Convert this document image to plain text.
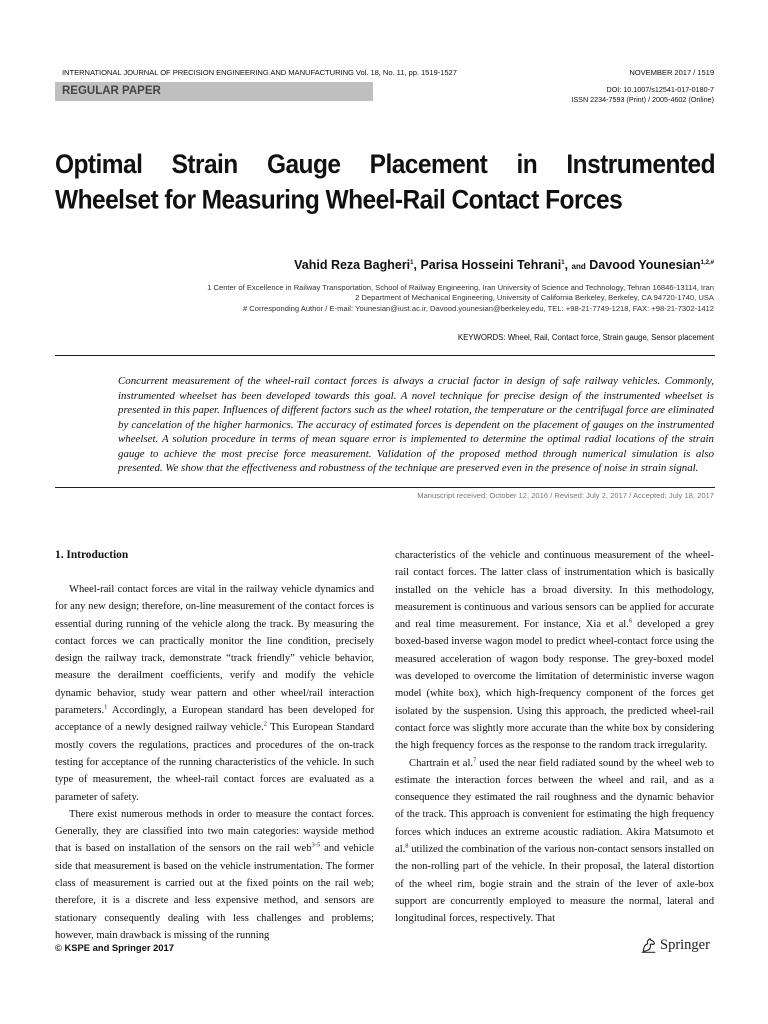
INTERNATIONAL JOURNAL OF PRECISION ENGINEERING AND MANUFACTURING Vol. 18, No. 11, pp. 1519-1527	NOVEMBER 2017 / 1519
REGULAR PAPER	DOI: 10.1007/s12541-017-0180-7
ISSN 2234-7593 (Print) / 2005-4602 (Online)
Optimal Strain Gauge Placement in Instrumented
Wheelset for Measuring Wheel-Rail Contact Forces
Vahid Reza Bagheri$^1$, Parisa Hosseini Tehrani$^1$, and Davood Younesian$^{1,2,\#}$
1 Center of Excellence in Railway Transportation, School of Railway Engineering, Iran University of Science and Technology, Tehran 16846-13114, Iran
2 Department of Mechanical Engineering, University of California Berkeley, Berkeley, CA 94720-1740, USA
# Corresponding Author / E-mail: Younesian@iust.ac.ir, Davood.younesian@berkeley.edu, TEL: +98-21-7749-1218, FAX: +98-21-7302-1412
KEYWORDS: Wheel, Rail, Contact force, Strain gauge, Sensor placement
Concurrent measurement of the wheel-rail contact forces is always a crucial factor in design of safe railway vehicles. Commonly, instrumented wheelset has been developed towards this goal. A novel technique for precise design of the instrumented wheelset is presented in this paper. Influences of different factors such as the wheel rotation, the temperature or the centrifugal force are eliminated by cancelation of the higher harmonics. The accuracy of estimated forces is dependent on the placement of gauges on the instrumented wheelset. A solution procedure in terms of mean square error is implemented to determine the optimal radial locations of the strain gauge to achieve the most precise force measurement. Validation of the proposed method through numerical simulation is also presented. We show that the effectiveness and robustness of the technique are preserved even in the presence of noise in strain signal.
Manuscript received: October 12, 2016 / Revised: July 2, 2017 / Accepted: July 18, 2017
1. Introduction

Wheel-rail contact forces are vital in the railway vehicle dynamics and for any new design; therefore, on-line measurement of the contact forces is essential during running of the vehicle along the track. By measuring the contact forces we can practically monitor the line condition, precisely design the railway track, demonstrate “track friendly” vehicle behavior, measure the derailment coefficients, verify and modify the vehicle dynamic behavior, study wear pattern and other wheel/rail interaction parameters.$^1$ Accordingly, a European standard has been developed for acceptance of a newly designed railway vehicle.$^2$ This European Standard mostly covers the regulations, practices and procedures of the on-track testing for acceptance of the running characteristics of the vehicle. In such type of measurement, the wheel-rail contact forces are evaluated as a parameter of safety.

There exist numerous methods in order to measure the contact forces. Generally, they are classified into two main categories: wayside method that is based on installation of the sensors on the rail web$^{3-5}$ and vehicle side that measurement is based on the vehicle instrumentation. The former class of measurement is carried out at the fixed points on the rail web; therefore, it is a discrete and less expensive method, and sensors are stationary consequently dealing with less challenges and problems; however, main drawback is missing of the running

characteristics of the vehicle and continuous measurement of the wheel-rail contact forces. The latter class of instrumentation which is basically installed on the vehicle has a broad diversity. In this methodology, measurement is continuous and various sensors can be applied for accurate and real time measurement. For instance, Xia et al.$^6$ developed a grey boxed-based inverse wagon model to predict wheel-contact force using the measured acceleration of wagon body response. The grey-boxed model was developed to overcome the limitation of deterministic inverse wagon model (white box), which high-frequency component of the forces get isolated by the suspension. Using this approach, the predicted wheel-rail contact force was slightly more accurate than the white box by considering the high frequency forces as the response to the random track irregularity.

Chartrain et al.$^7$ used the near field radiated sound by the wheel web to estimate the interaction forces between the wheel and rail, and as a consequence they estimated the rail roughness and the dynamic behavior of the track. This approach is convenient for estimating the high frequency forces which induces an extreme acoustic radiation. Akira Matsumoto et al.$^8$ utilized the combination of the various non-contact sensors installed on the non-rolling part of the vehicle. In their proposal, the lateral distortion of the wheel rim, bogie strain and the strain of the lever of axle-box support are concurrently employed to measure the normal, lateral and longitudinal forces, respectively. That

© KSPE and Springer 2017	Springer
